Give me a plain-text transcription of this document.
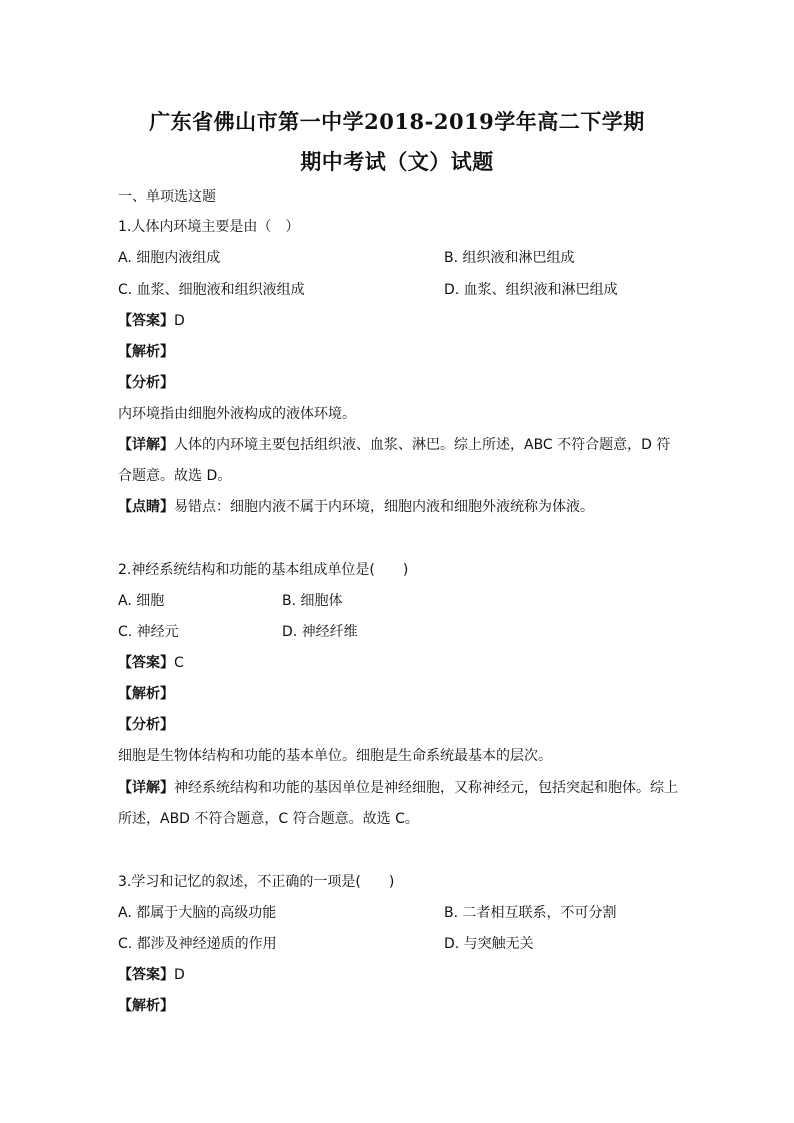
广东省佛山市第一中学2018-2019学年高二下学期
期中考试（文）试题
一、单项选这题
1.人体内环境主要是由（　）
A. 细胞内液组成	B. 组织液和淋巴组成
C. 血浆、细胞液和组织液组成	D. 血浆、组织液和淋巴组成
【答案】D
【解析】
【分析】
内环境指由细胞外液构成的液体环境。
【详解】人体的内环境主要包括组织液、血浆、淋巴。综上所述，ABC 不符合题意，D 符
合题意。故选 D。
【点睛】易错点：细胞内液不属于内环境，细胞内液和细胞外液统称为体液。
2.神经系统结构和功能的基本组成单位是(　　)
A. 细胞	B. 细胞体
C. 神经元	D. 神经纤维
【答案】C
【解析】
【分析】
细胞是生物体结构和功能的基本单位。细胞是生命系统最基本的层次。
【详解】神经系统结构和功能的基因单位是神经细胞，又称神经元，包括突起和胞体。综上
所述，ABD 不符合题意，C 符合题意。故选 C。
3.学习和记忆的叙述，不正确的一项是(　　)
A. 都属于大脑的高级功能	B. 二者相互联系，不可分割
C. 都涉及神经递质的作用	D. 与突触无关
【答案】D
【解析】
